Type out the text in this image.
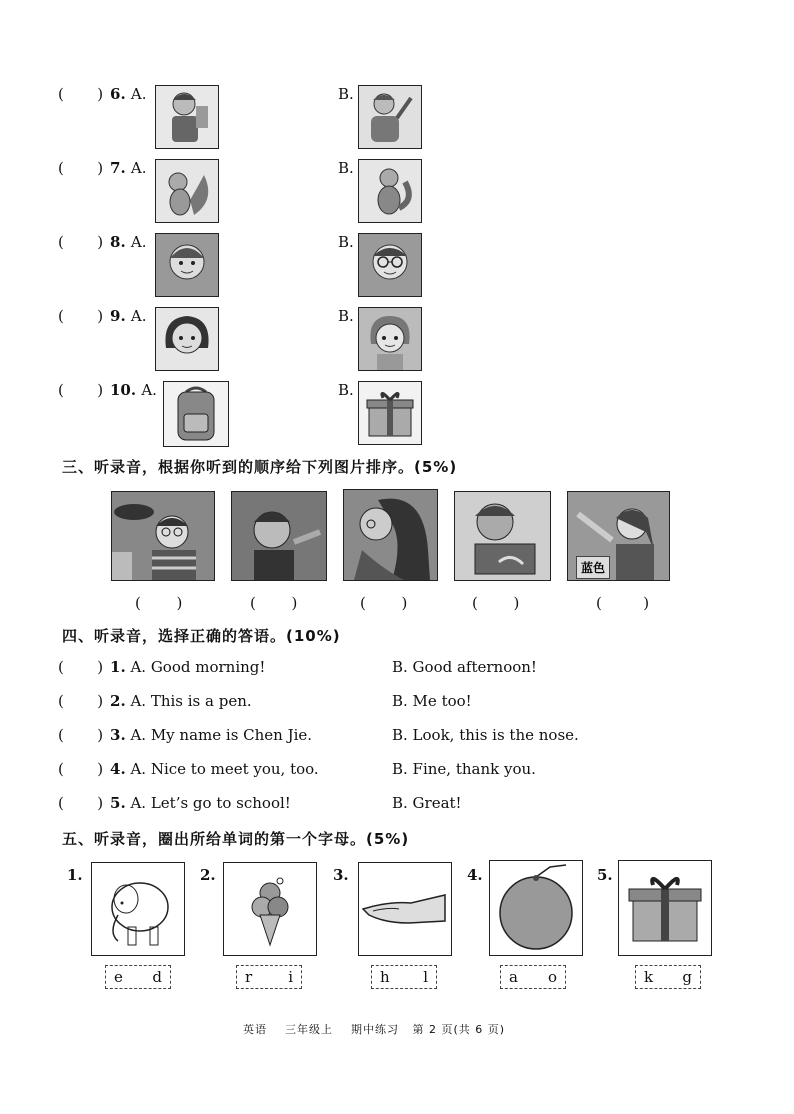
(       ) 6. A.	B.
(       ) 7. A.	B.
(       ) 8. A.	B.
(       ) 9. A.	B.
(       ) 10. A.	B.
三、听录音，根据你听到的顺序给下列图片排序。(5%)
蓝色
(      )	(      )	(      )	(      )	(       )
四、听录音，选择正确的答语。(10%)
(       ) 1. A. Good morning!	B. Good afternoon!
(       ) 2. A. This is a pen.	B. Me too!
(       ) 3. A. My name is Chen Jie.	B. Look, this is the nose.
(       ) 4. A. Nice to meet you, too.	B. Fine, thank you.
(       ) 5. A. Let’s go to school!	B. Great!
五、听录音，圈出所给单词的第一个字母。(5%)
1.
e d
2.
r i
3.
h l
4.
a o
5.
k g
英语 三年级上 期中练习 第 2 页(共 6 页)
